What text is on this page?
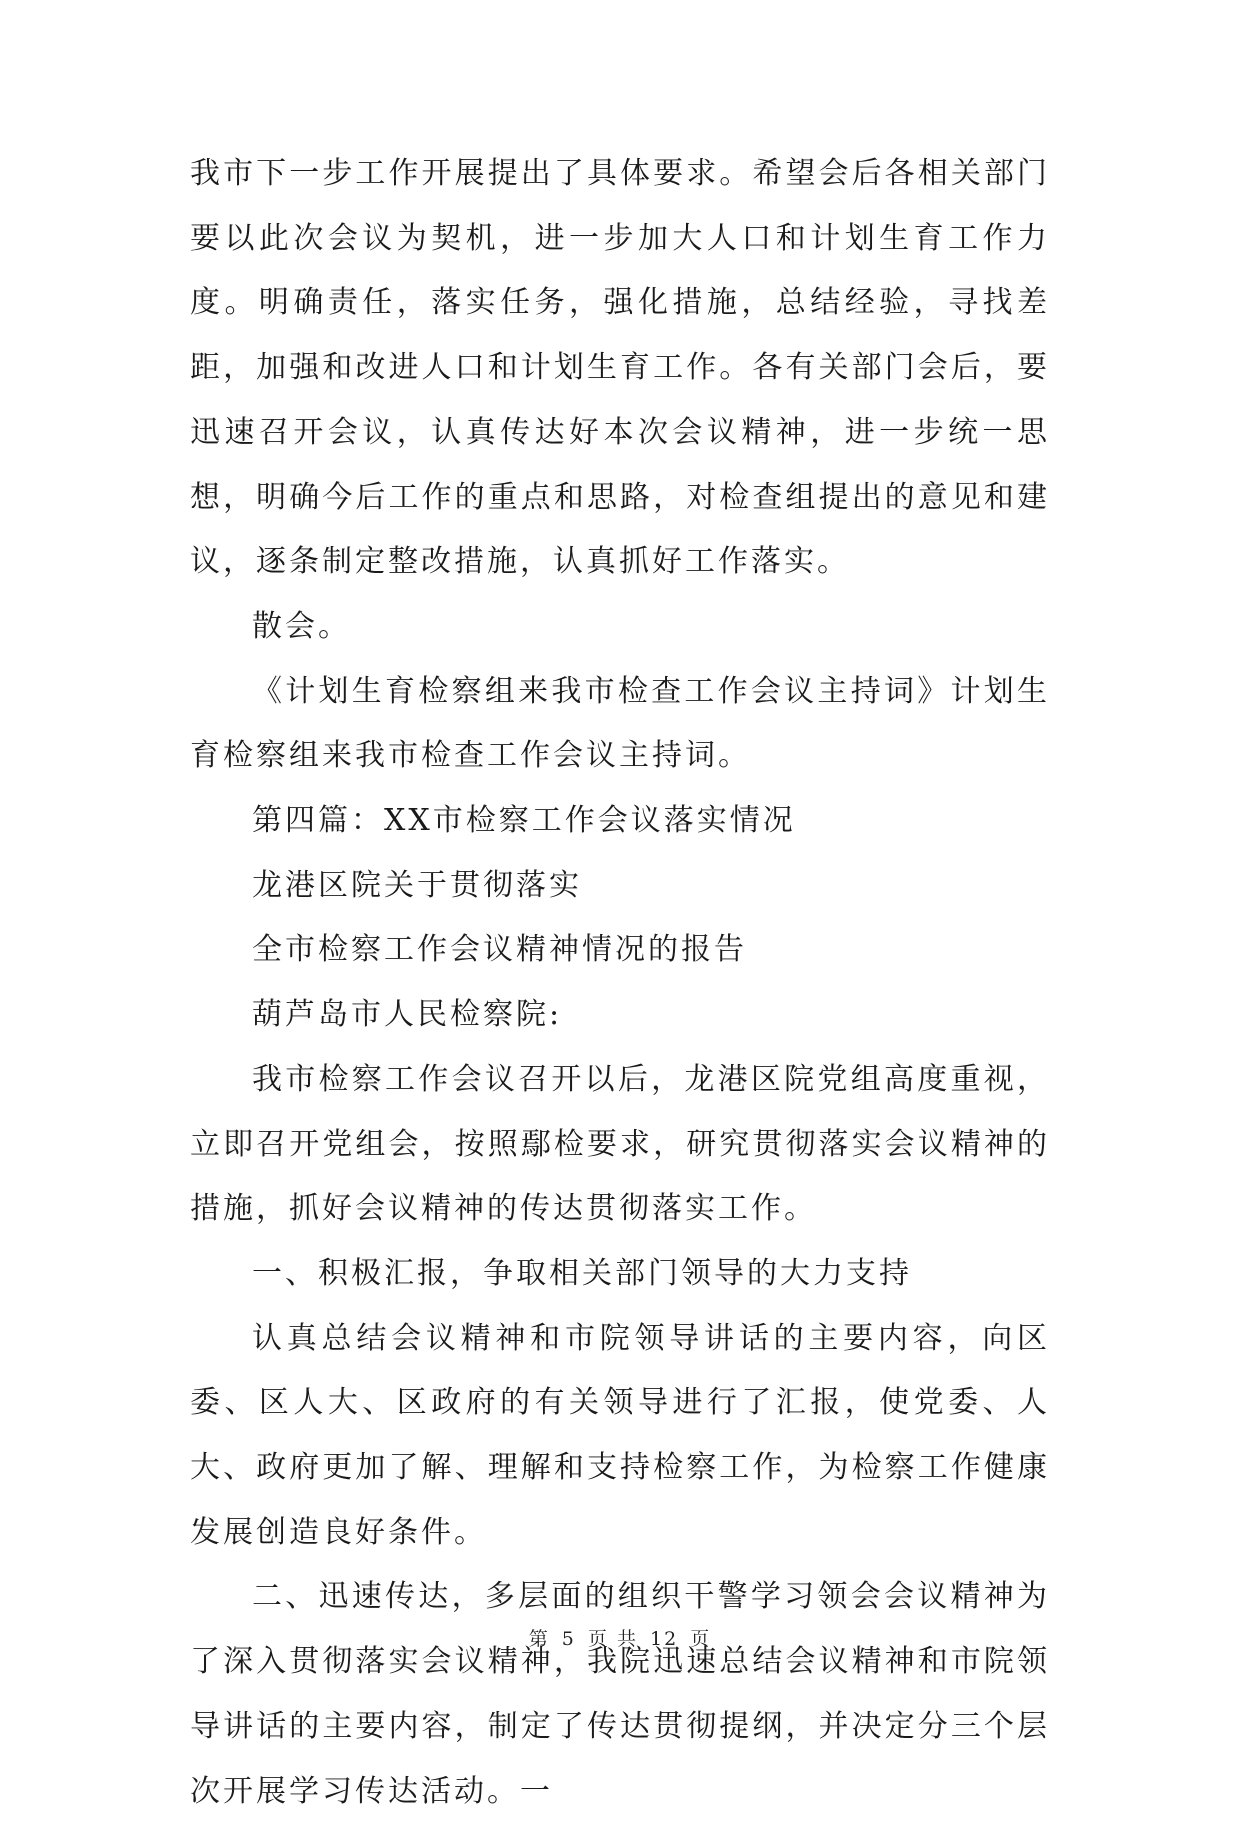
我市下一步工作开展提出了具体要求。希望会后各相关部门要以此次会议为契机，进一步加大人口和计划生育工作力度。明确责任，落实任务，强化措施，总结经验，寻找差距，加强和改进人口和计划生育工作。各有关部门会后，要迅速召开会议，认真传达好本次会议精神，进一步统一思想，明确今后工作的重点和思路，对检查组提出的意见和建议，逐条制定整改措施，认真抓好工作落实。

散会。

《计划生育检察组来我市检查工作会议主持词》计划生育检察组来我市检查工作会议主持词。

第四篇：XX市检察工作会议落实情况

龙港区院关于贯彻落实

全市检察工作会议精神情况的报告

葫芦岛市人民检察院:

我市检察工作会议召开以后，龙港区院党组高度重视，立即召开党组会，按照鄢检要求，研究贯彻落实会议精神的措施，抓好会议精神的传达贯彻落实工作。

一、积极汇报，争取相关部门领导的大力支持

认真总结会议精神和市院领导讲话的主要内容，向区委、区人大、区政府的有关领导进行了汇报，使党委、人大、政府更加了解、理解和支持检察工作，为检察工作健康发展创造良好条件。

二、迅速传达，多层面的组织干警学习领会会议精神为了深入贯彻落实会议精神，我院迅速总结会议精神和市院领导讲话的主要内容，制定了传达贯彻提纲，并决定分三个层次开展学习传达活动。一

第 5 页 共 12 页
